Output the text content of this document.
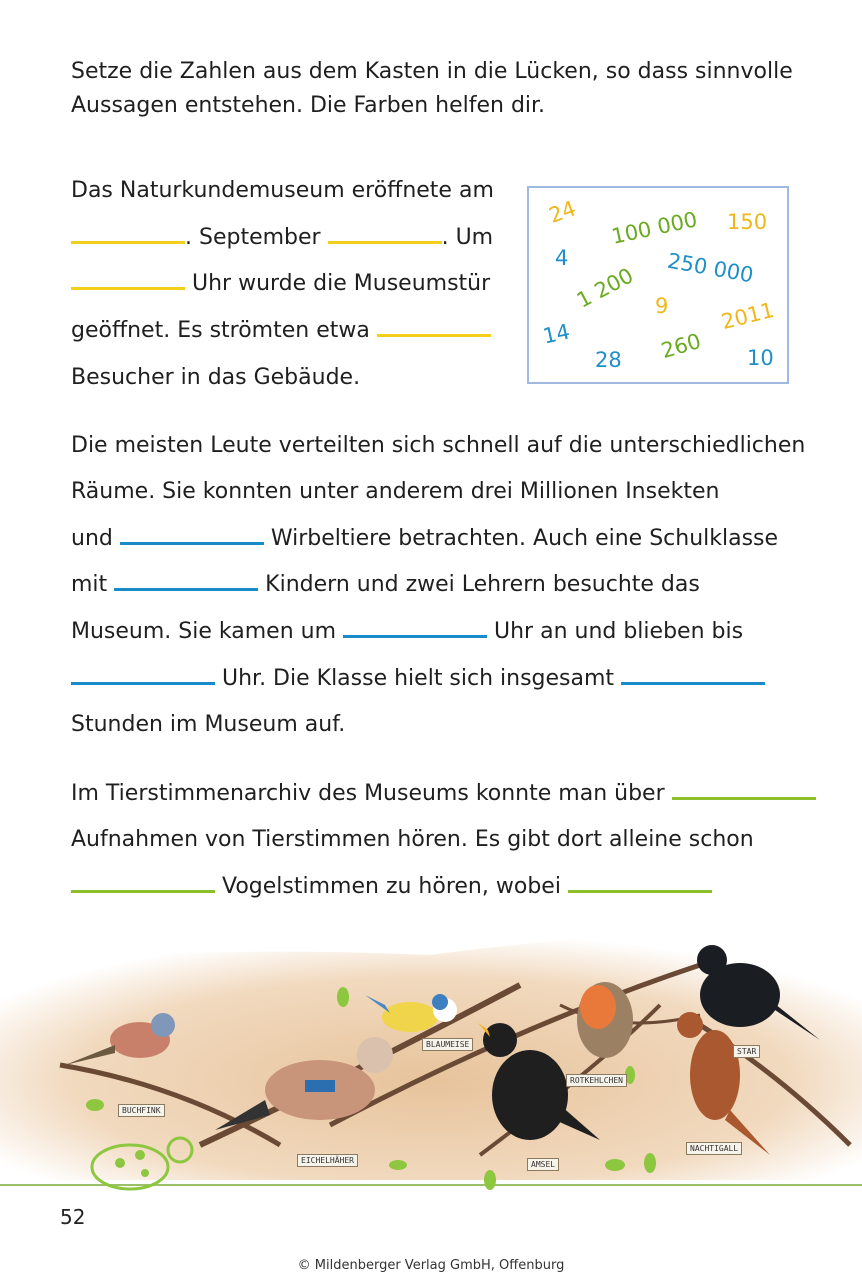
Setze die Zahlen aus dem Kasten in die Lücken, so dass sinnvolle
Aussagen entstehen. Die Farben helfen dir.
Das Naturkundemuseum eröffnete am
. September	. Um
Uhr wurde die Museumstür
geöffnet. Es strömten etwa
Besucher in das Gebäude.
24 100 000 150
4	250 000
1 200 9 2011
14	260
28	10
Die meisten Leute verteilten sich schnell auf die unterschiedlichen
Räume. Sie konnten unter anderem drei Millionen Insekten
und	Wirbeltiere betrachten. Auch eine Schulklasse
mit	Kindern und zwei Lehrern besuchte das
Museum. Sie kamen um	Uhr an und blieben bis
Uhr. Die Klasse hielt sich insgesamt
Stunden im Museum auf.
Im Tierstimmenarchiv des Museums konnte man über
Aufnahmen von Tierstimmen hören. Es gibt dort alleine schon
Vogelstimmen zu hören, wobei
BUCHFINK
EICHELHÄHER
BLAUMEISE
AMSEL
ROTKEHLCHEN
NACHTIGALL
STAR
52
© Mildenberger Verlag GmbH, Offenburg
